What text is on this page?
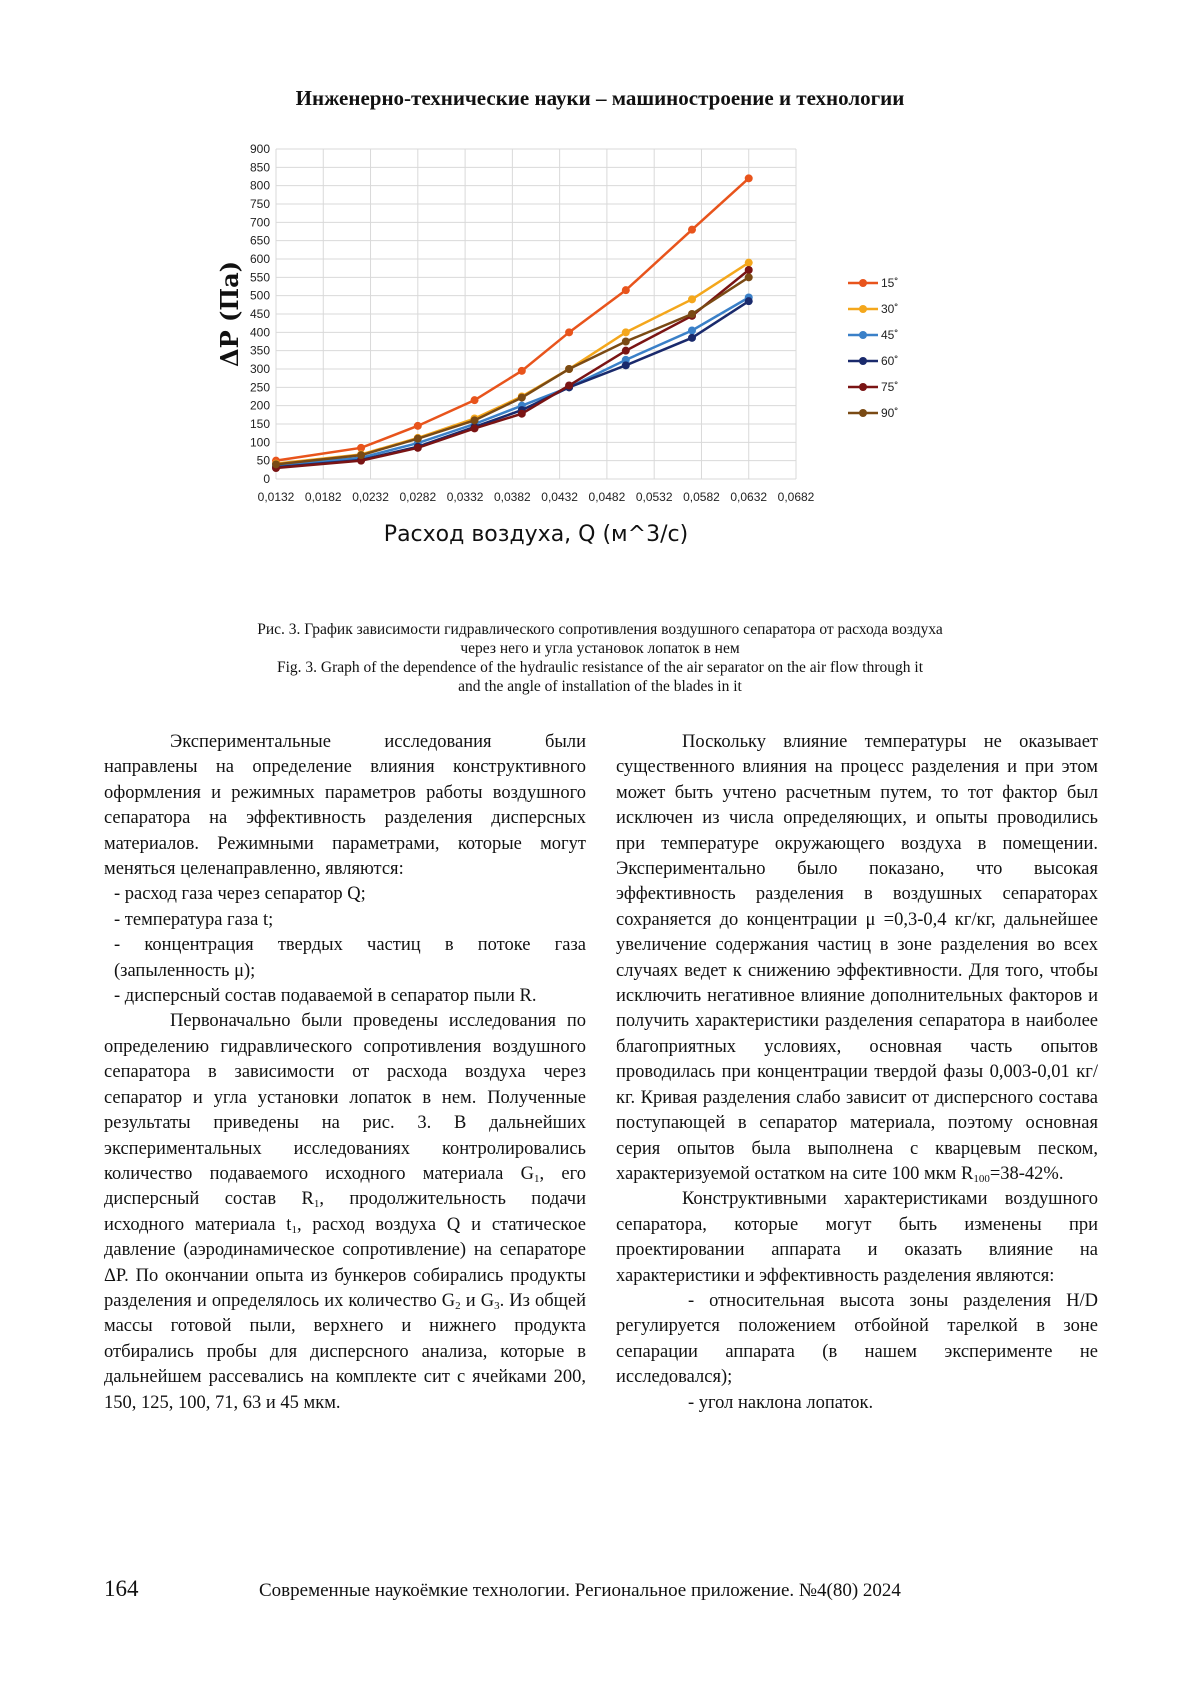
Инженерно-технические науки – машиностроение и технологии
0
50
100
150
200
250
300
350
400
450
500
550
600
650
700
750
800
850
900
0,0132 0,0182 0,0232 0,0282 0,0332 0,0382 0,0432 0,0482 0,0532 0,0582 0,0632 0,0682
Расход воздуха, Q (м^3/с)
ΔP (Па)	15˚
30˚
45˚
60˚
75˚
90˚
Рис. 3. График зависимости гидравлического сопротивления воздушного сепаратора от расхода воздуха
через него и угла установок лопаток в нем
Fig. 3. Graph of the dependence of the hydraulic resistance of the air separator on the air flow through it
and the angle of installation of the blades in it

Экспериментальные исследования были направлены на определение влияния конструктивного оформления и режимных параметров работы воздушного сепаратора на эффективность разделения дисперсных материалов. Режимными параметрами, которые могут меняться целенаправленно, являются:

- расход газа через сепаратор Q;

- температура газа t;

- концентрация твердых частиц в потоке газа (запыленность μ);

- дисперсный состав подаваемой в сепаратор пыли R.

Первоначально были проведены исследования по определению гидравлического сопротивления воздушного сепаратора в зависимости от расхода воздуха через сепаратор и угла установки лопаток в нем. Полученные результаты приведены на рис. 3. В дальнейших экспериментальных исследованиях контролировались количество подаваемого исходного материала $G_1$, его дисперсный состав $R_1$, продолжительность подачи исходного материала $t_1$, расход воздуха Q и статическое давление (аэродинамическое сопротивление) на сепараторе ΔP. По окончании опыта из бункеров собирались продукты разделения и определялось их количество $G_2$ и $G_3$. Из общей массы готовой пыли, верхнего и нижнего продукта отбирались пробы для дисперсного анализа, которые в дальнейшем рассевались на комплекте сит с ячейками 200, 150, 125, 100, 71, 63 и 45 мкм.

Поскольку влияние температуры не оказывает существенного влияния на процесс разделения и при этом может быть учтено расчетным путем, то тот фактор был исключен из числа определяющих, и опыты проводились при температуре окружающего воздуха в помещении. Экспериментально было показано, что высокая эффективность разделения в воздушных сепараторах сохраняется до концентрации μ =0,3-0,4 кг/кг, дальнейшее увеличение содержания частиц в зоне разделения во всех случаях ведет к снижению эффективности. Для того, чтобы исключить негативное влияние дополнительных факторов и получить характеристики разделения сепаратора в наиболее благоприятных условиях, основная часть опытов проводилась при концентрации твердой фазы 0,003-0,01 кг/кг. Кривая разделения слабо зависит от дисперсного состава поступающей в сепаратор материала, поэтому основная серия опытов была выполнена с кварцевым песком, характеризуемой остатком на сите 100 мкм $R_{100}=38-42\%$.

Конструктивными характеристиками воздушного сепаратора, которые могут быть изменены при проектировании аппарата и оказать влияние на характеристики и эффективность разделения являются:

- относительная высота зоны разделения H/D регулируется положением отбойной тарелкой в зоне сепарации аппарата (в нашем эксперименте не исследовался);

- угол наклона лопаток.

164	Современные наукоёмкие технологии. Региональное приложение. №4(80) 2024
